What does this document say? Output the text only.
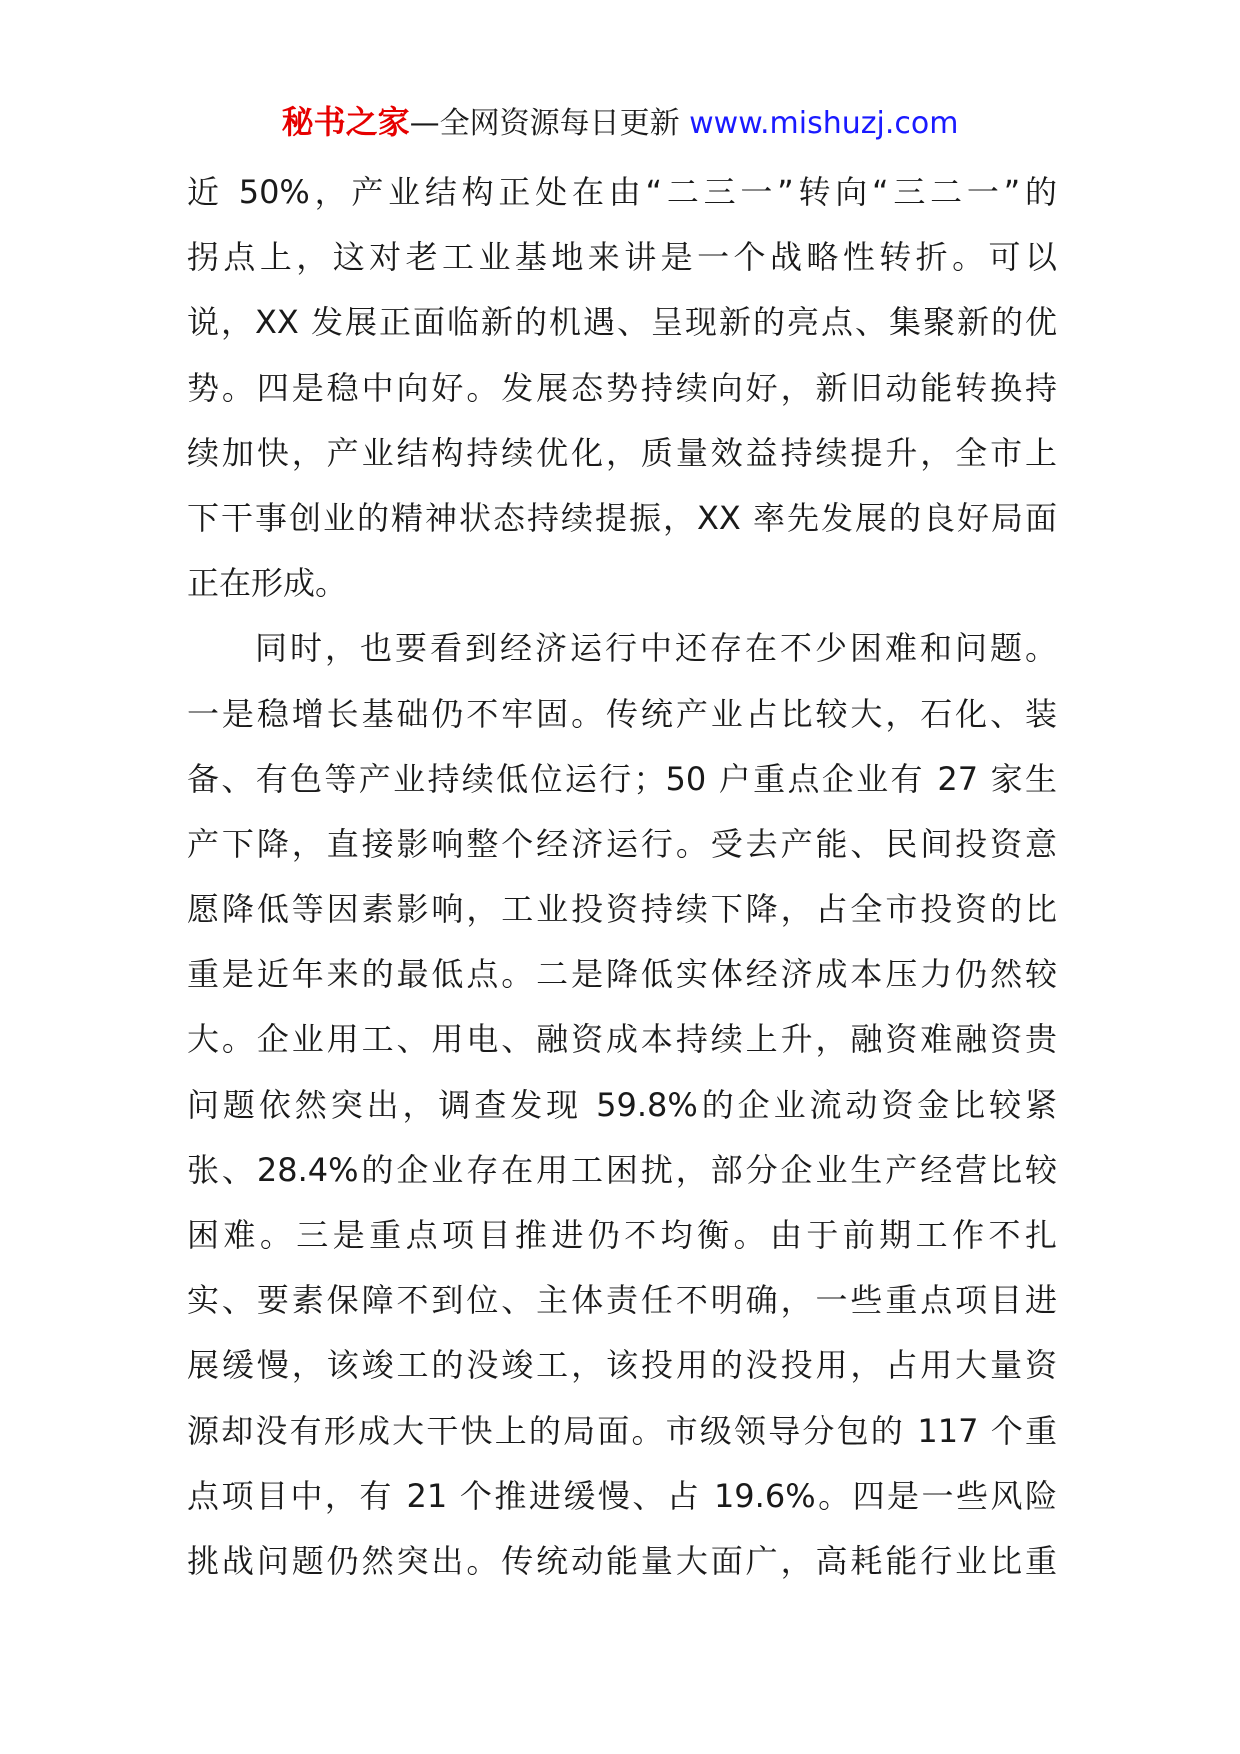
秘书之家—全网资源每日更新 www.mishuzj.com
近 50%，产业结构正处在由“二三一”转向“三二一”的
拐点上，这对老工业基地来讲是一个战略性转折。可以
说，XX 发展正面临新的机遇、呈现新的亮点、集聚新的优
势。四是稳中向好。发展态势持续向好，新旧动能转换持
续加快，产业结构持续优化，质量效益持续提升，全市上
下干事创业的精神状态持续提振，XX 率先发展的良好局面
正在形成。
同时，也要看到经济运行中还存在不少困难和问题。
一是稳增长基础仍不牢固。传统产业占比较大，石化、装
备、有色等产业持续低位运行；50 户重点企业有 27 家生
产下降，直接影响整个经济运行。受去产能、民间投资意
愿降低等因素影响，工业投资持续下降，占全市投资的比
重是近年来的最低点。二是降低实体经济成本压力仍然较
大。企业用工、用电、融资成本持续上升，融资难融资贵
问题依然突出，调查发现 59.8%的企业流动资金比较紧
张、28.4%的企业存在用工困扰，部分企业生产经营比较
困难。三是重点项目推进仍不均衡。由于前期工作不扎
实、要素保障不到位、主体责任不明确，一些重点项目进
展缓慢，该竣工的没竣工，该投用的没投用，占用大量资
源却没有形成大干快上的局面。市级领导分包的 117 个重
点项目中，有 21 个推进缓慢、占 19.6%。四是一些风险
挑战问题仍然突出。传统动能量大面广，高耗能行业比重
